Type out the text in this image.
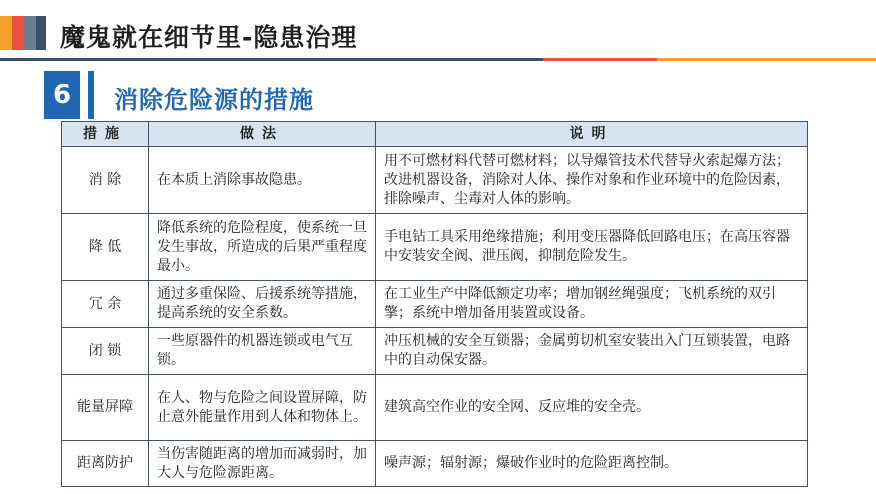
魔鬼就在细节里-隐患治理
6	消除危险源的措施
措施	做法	说明
消 除	在本质上消除事故隐患。	用不可燃材料代替可燃材料；以导爆管技术代替导火索起爆方法；改进机器设备，消除对人体、操作对象和作业环境中的危险因素，排除噪声、尘毒对人体的影响。
降 低	降低系统的危险程度，使系统一旦发生事故，所造成的后果严重程度最小。	手电钻工具采用绝缘措施；利用变压器降低回路电压；在高压容器中安装安全阀、泄压阀，抑制危险发生。
冗 余	通过多重保险、后援系统等措施，提高系统的安全系数。	在工业生产中降低额定功率；增加钢丝绳强度；飞机系统的双引擎；系统中增加备用装置或设备。
闭 锁	一些原器件的机器连锁或电气互锁。	冲压机械的安全互锁器；金属剪切机室安装出入门互锁装置，电路中的自动保安器。
能量屏障	在人、物与危险之间设置屏障，防止意外能量作用到人体和物体上。	建筑高空作业的安全网、反应堆的安全壳。
距离防护	当伤害随距离的增加而减弱时，加大人与危险源距离。	噪声源；辐射源；爆破作业时的危险距离控制。
